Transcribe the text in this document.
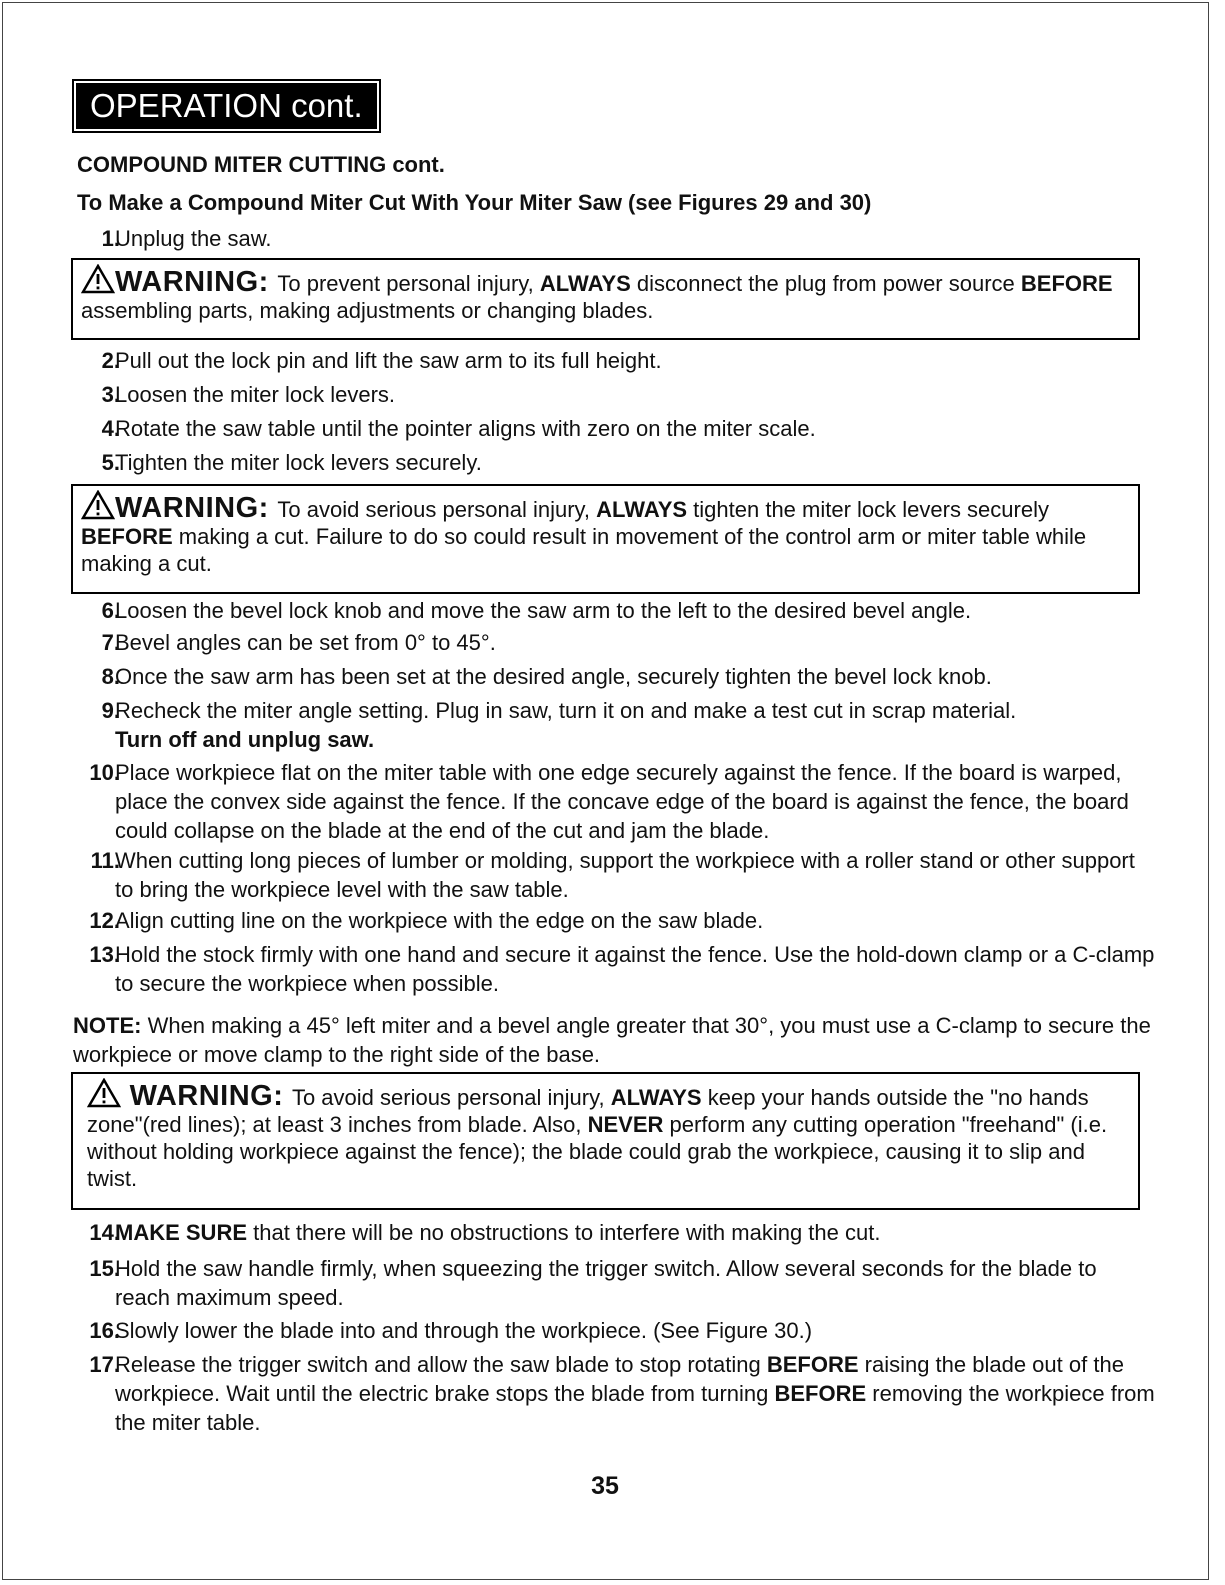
OPERATION cont.
COMPOUND MITER CUTTING cont.
To Make a Compound Miter Cut With Your Miter Saw (see Figures 29 and 30)
1.
Unplug the saw.
WARNING: To prevent personal injury, ALWAYS disconnect the plug from power source BEFORE assembling parts, making adjustments or changing blades.
2.
Pull out the lock pin and lift the saw arm to its full height.
3.
Loosen the miter lock levers.
4.
Rotate the saw table until the pointer aligns with zero on the miter scale.
5.
Tighten the miter lock levers securely.
WARNING: To avoid serious personal injury, ALWAYS tighten the miter lock levers securely BEFORE making a cut. Failure to do so could result in movement of the control arm or miter table while making a cut.
6.
Loosen the bevel lock knob and move the saw arm to the left to the desired bevel angle.
7.
Bevel angles can be set from 0° to 45°.
8.
Once the saw arm has been set at the desired angle, securely tighten the bevel lock knob.
9.
Recheck the miter angle setting. Plug in saw, turn it on and make a test cut in scrap material.
Turn off and unplug saw.
10.
Place workpiece flat on the miter table with one edge securely against the fence. If the board is warped, place the convex side against the fence. If the concave edge of the board is against the fence, the board could collapse on the blade at the end of the cut and jam the blade.
11.
When cutting long pieces of lumber or molding, support the workpiece with a roller stand or other support to bring the workpiece level with the saw table.
12.
Align cutting line on the workpiece with the edge on the saw blade.
13.
Hold the stock firmly with one hand and secure it against the fence. Use the hold-down clamp or a C-clamp to secure the workpiece when possible.
NOTE: When making a 45° left miter and a bevel angle greater that 30°, you must use a C-clamp to secure the workpiece or move clamp to the right side of the base.
WARNING: To avoid serious personal injury, ALWAYS keep your hands outside the "no hands zone"(red lines); at least 3 inches from blade. Also, NEVER perform any cutting operation "freehand" (i.e. without holding workpiece against the fence); the blade could grab the workpiece, causing it to slip and twist.
14.
MAKE SURE that there will be no obstructions to interfere with making the cut.
15.
Hold the saw handle firmly, when squeezing the trigger switch. Allow several seconds for the blade to reach maximum speed.
16.
Slowly lower the blade into and through the workpiece. (See Figure 30.)
17.
Release the trigger switch and allow the saw blade to stop rotating BEFORE raising the blade out of the workpiece. Wait until the electric brake stops the blade from turning BEFORE removing the workpiece from the miter table.
35
